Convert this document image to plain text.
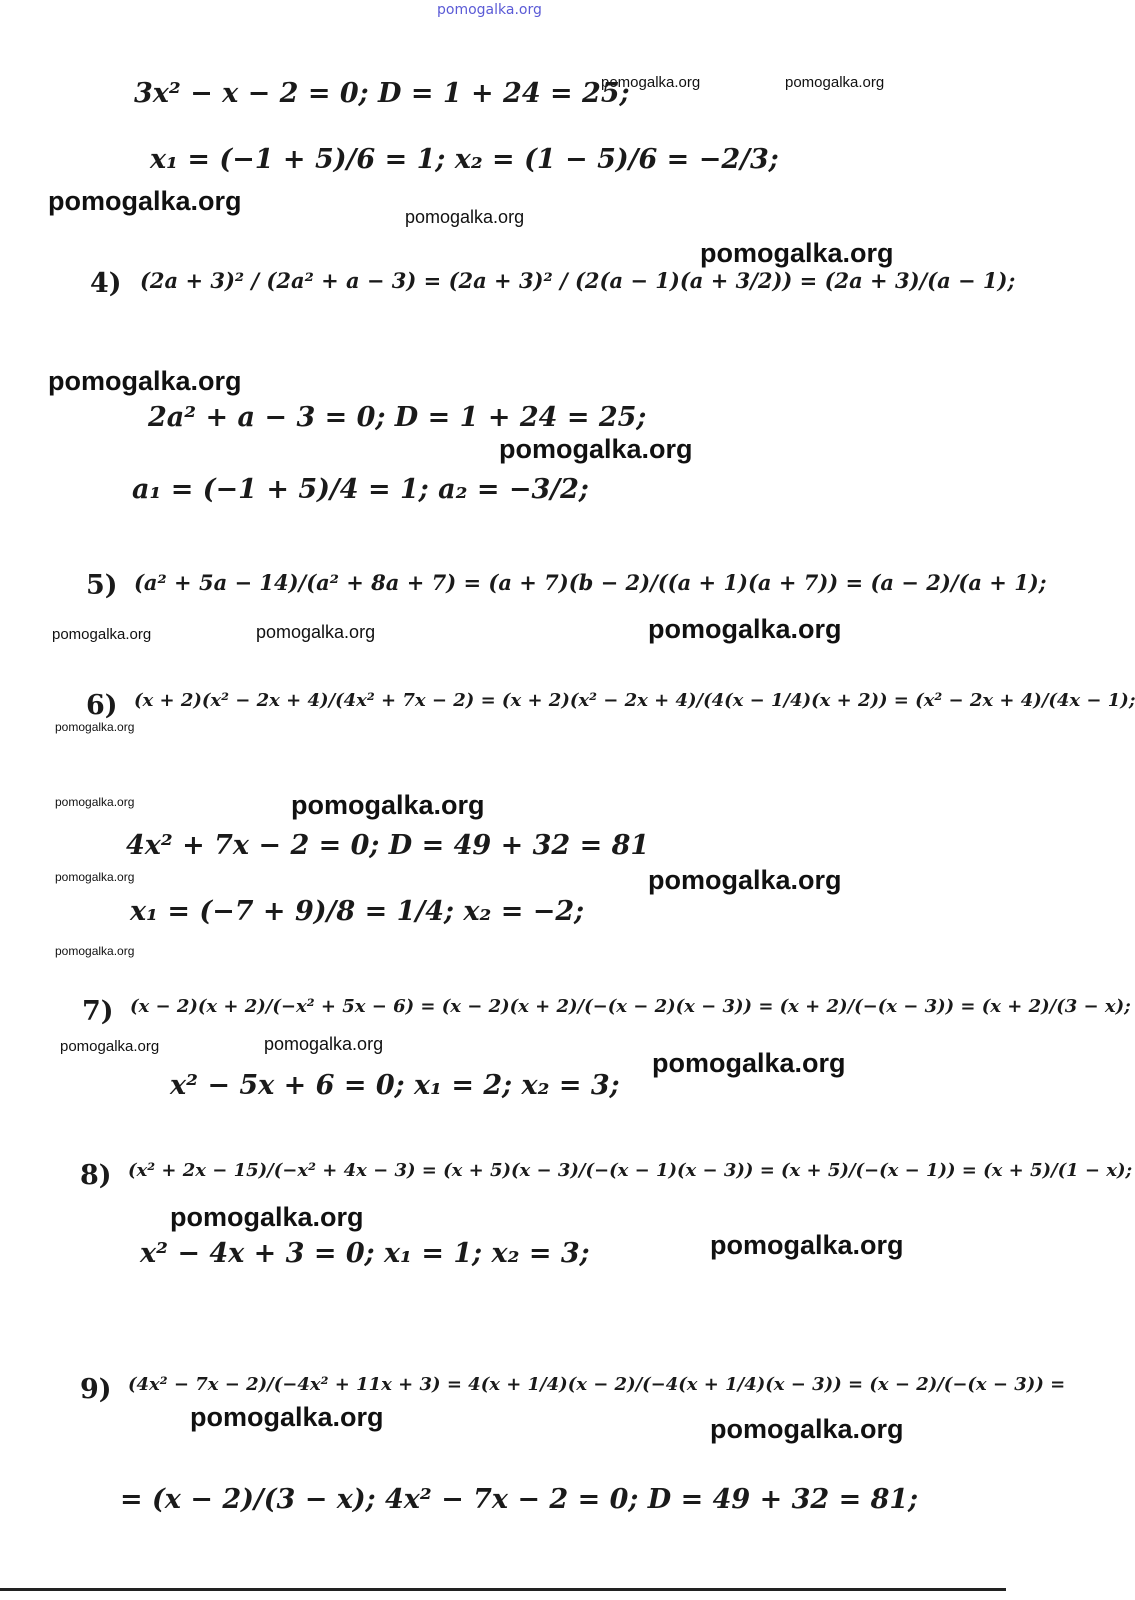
pomogalka.org
pomogalka.org	pomogalka.org
pomogalka.org
pomogalka.org
pomogalka.org
pomogalka.org
pomogalka.org
pomogalka.org	pomogalka.org	pomogalka.org
pomogalka.org
pomogalka.org	pomogalka.org
pomogalka.org	pomogalka.org
pomogalka.org
pomogalka.org	pomogalka.org
pomogalka.org
pomogalka.org
pomogalka.org
pomogalka.org	pomogalka.org
3x² − x − 2 = 0; D = 1 + 24 = 25;
x₁ = (−1 + 5)/6 = 1; x₂ = (1 − 5)/6 = −2/3;
4) (2a + 3)² / (2a² + a − 3) = (2a + 3)² / (2(a − 1)(a + 3/2)) = (2a + 3)/(a − 1);
2a² + a − 3 = 0; D = 1 + 24 = 25;
a₁ = (−1 + 5)/4 = 1; a₂ = −3/2;
5) (a² + 5a − 14)/(a² + 8a + 7) = (a + 7)(b − 2)/((a + 1)(a + 7)) = (a − 2)/(a + 1);
6) (x + 2)(x² − 2x + 4)/(4x² + 7x − 2) = (x + 2)(x² − 2x + 4)/(4(x − 1/4)(x + 2)) = (x² − 2x + 4)/(4x − 1);
4x² + 7x − 2 = 0; D = 49 + 32 = 81
x₁ = (−7 + 9)/8 = 1/4; x₂ = −2;
7) (x − 2)(x + 2)/(−x² + 5x − 6) = (x − 2)(x + 2)/(−(x − 2)(x − 3)) = (x + 2)/(−(x − 3)) = (x + 2)/(3 − x);
x² − 5x + 6 = 0; x₁ = 2; x₂ = 3;
8) (x² + 2x − 15)/(−x² + 4x − 3) = (x + 5)(x − 3)/(−(x − 1)(x − 3)) = (x + 5)/(−(x − 1)) = (x + 5)/(1 − x);
x² − 4x + 3 = 0; x₁ = 1; x₂ = 3;
9) (4x² − 7x − 2)/(−4x² + 11x + 3) = 4(x + 1/4)(x − 2)/(−4(x + 1/4)(x − 3)) = (x − 2)/(−(x − 3)) =
= (x − 2)/(3 − x); 4x² − 7x − 2 = 0; D = 49 + 32 = 81;
